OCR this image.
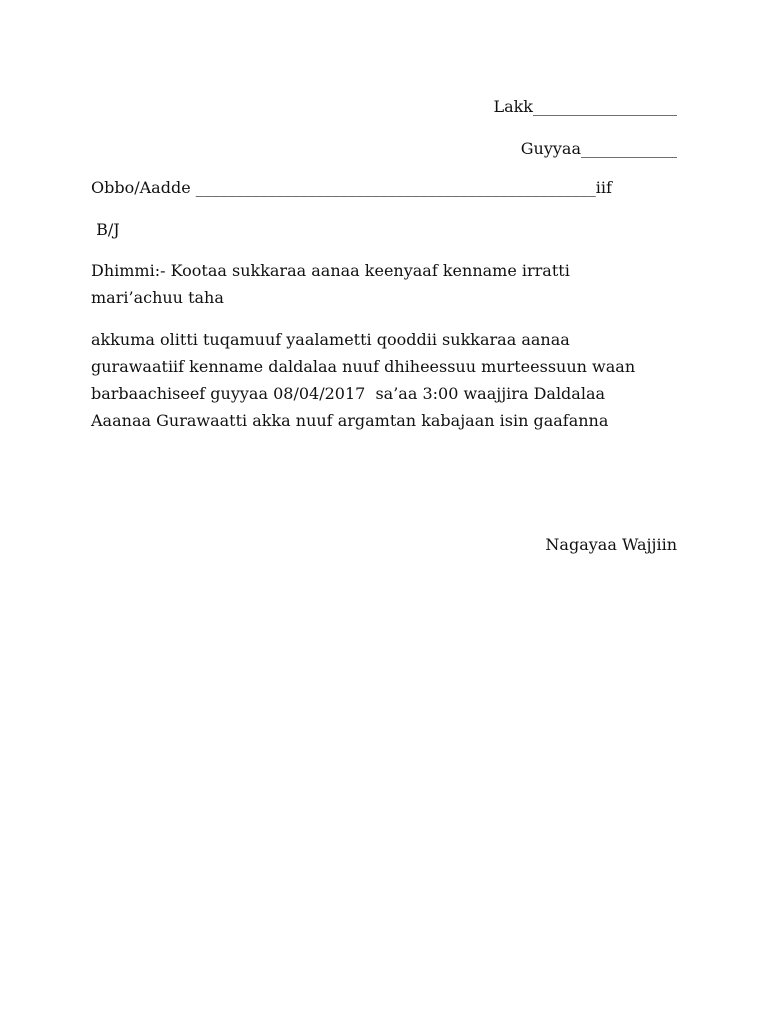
Lakk__________________
Guyyaa____________
Obbo/Aadde __________________________________________________iif
B/J

Dhimmi:- Kootaa sukkaraa aanaa keenyaaf kenname irratti

mari’achuu taha

akkuma olitti tuqamuuf yaalametti qooddii sukkaraa aanaa

gurawaatiif kenname daldalaa nuuf dhiheessuu murteessuun waan

barbaachiseef guyyaa 08/04/2017  sa’aa 3:00 waajjira Daldalaa

Aaanaa Gurawaatti akka nuuf argamtan kabajaan isin gaafanna

Nagayaa Wajjiin
